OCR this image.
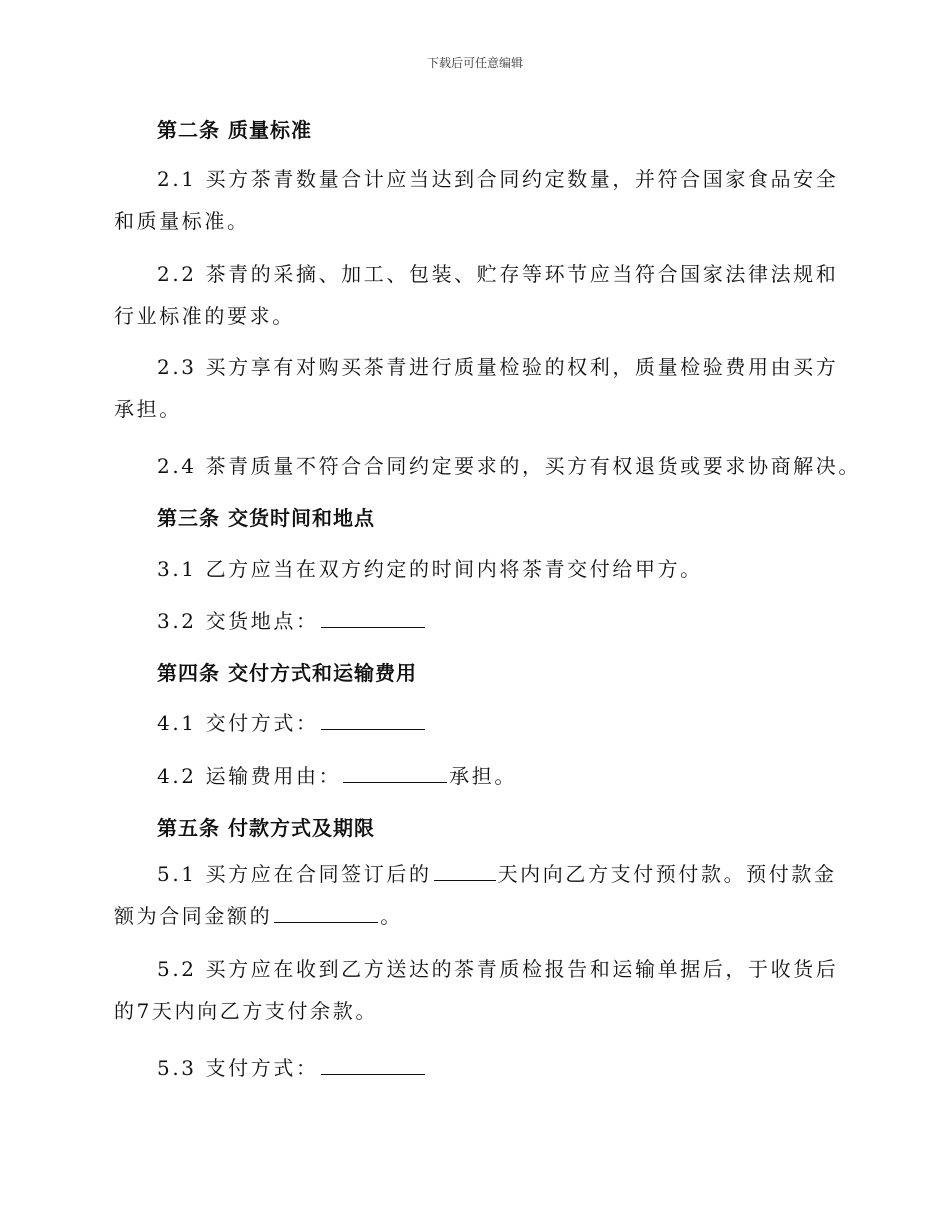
下载后可任意编辑
第二条 质量标准
2.1 买方茶青数量合计应当达到合同约定数量，并符合国家食品安全和质量标准。
2.2 茶青的采摘、加工、包装、贮存等环节应当符合国家法律法规和行业标准的要求。
2.3 买方享有对购买茶青进行质量检验的权利，质量检验费用由买方承担。
2.4 茶青质量不符合合同约定要求的，买方有权退货或要求协商解决。
第三条 交货时间和地点
3.1 乙方应当在双方约定的时间内将茶青交付给甲方。
3.2 交货地点：
第四条 交付方式和运输费用
4.1 交付方式：
4.2 运输费用由：	承担。
第五条 付款方式及期限
5.1 买方应在合同签订后的	天内向乙方支付预付款。预付款金额为合同金额的	。
5.2 买方应在收到乙方送达的茶青质检报告和运输单据后，于收货后的7天内向乙方支付余款。
5.3 支付方式：
